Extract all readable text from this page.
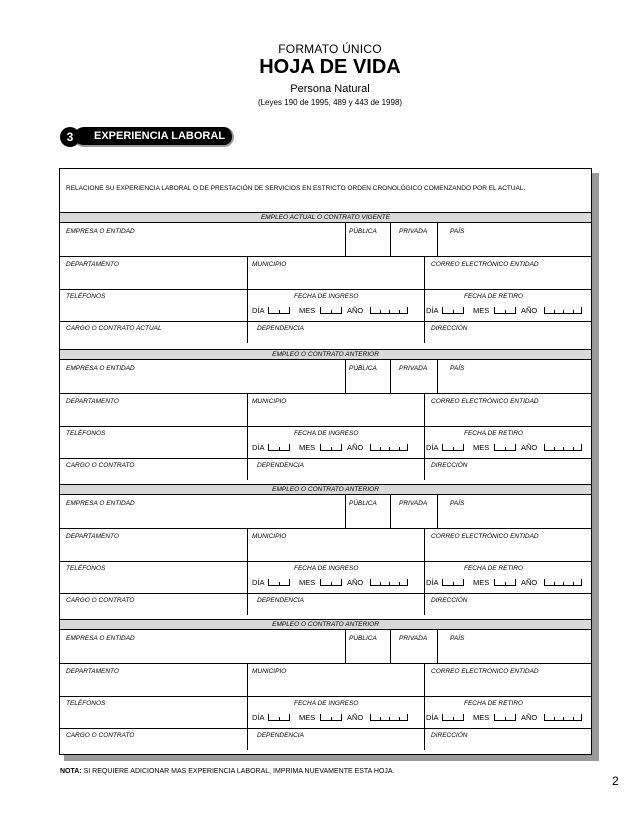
FORMATO ÚNICO
HOJA DE VIDA
Persona Natural
(Leyes 190 de 1995, 489 y 443 de 1998)
EXPERIENCIA LABORAL
3
RELACIONE SU EXPERIENCIA LABORAL O DE PRESTACIÓN DE SERVICIOS EN ESTRICTO ORDEN CRONOLÓGICO COMENZANDO POR EL ACTUAL.
EMPLEO ACTUAL O CONTRATO VIGENTE
EMPRESA O ENTIDAD	PÚBLICA	PRIVADA	PAÍS
DEPARTAMENTO	MUNICIPIO	CORREO ELECTRÓNICO ENTIDAD
TELÉFONOS	FECHA DE INGRESO	FECHA DE RETIRO
DÍA	MES	AÑO	DÍA	MES	AÑO
CARGO O CONTRATO ACTUAL	DEPENDENCIA	DIRECCIÓN
EMPLEO O CONTRATO ANTERIOR
EMPRESA O ENTIDAD	PÚBLICA	PRIVADA	PAÍS
DEPARTAMENTO	MUNICIPIO	CORREO ELECTRÓNICO ENTIDAD
TELÉFONOS	FECHA DE INGRESO	FECHA DE RETIRO
DÍA	MES	AÑO	DÍA	MES	AÑO
CARGO O CONTRATO	DEPENDENCIA	DIRECCIÓN
EMPLEO O CONTRATO ANTERIOR
EMPRESA O ENTIDAD	PÚBLICA	PRIVADA	PAÍS
DEPARTAMENTO	MUNICIPIO	CORREO ELECTRÓNICO ENTIDAD
TELÉFONOS	FECHA DE INGRESO	FECHA DE RETIRO
DÍA	MES	AÑO	DÍA	MES	AÑO
CARGO O CONTRATO	DEPENDENCIA	DIRECCIÓN
EMPLEO O CONTRATO ANTERIOR
EMPRESA O ENTIDAD	PÚBLICA	PRIVADA	PAÍS
DEPARTAMENTO	MUNICIPIO	CORREO ELECTRÓNICO ENTIDAD
TELÉFONOS	FECHA DE INGRESO	FECHA DE RETIRO
DÍA	MES	AÑO	DÍA	MES	AÑO
CARGO O CONTRATO	DEPENDENCIA	DIRECCIÓN
NOTA: SI REQUIERE ADICIONAR MAS EXPERIENCIA LABORAL, IMPRIMA NUEVAMENTE ESTA HOJA.
2
